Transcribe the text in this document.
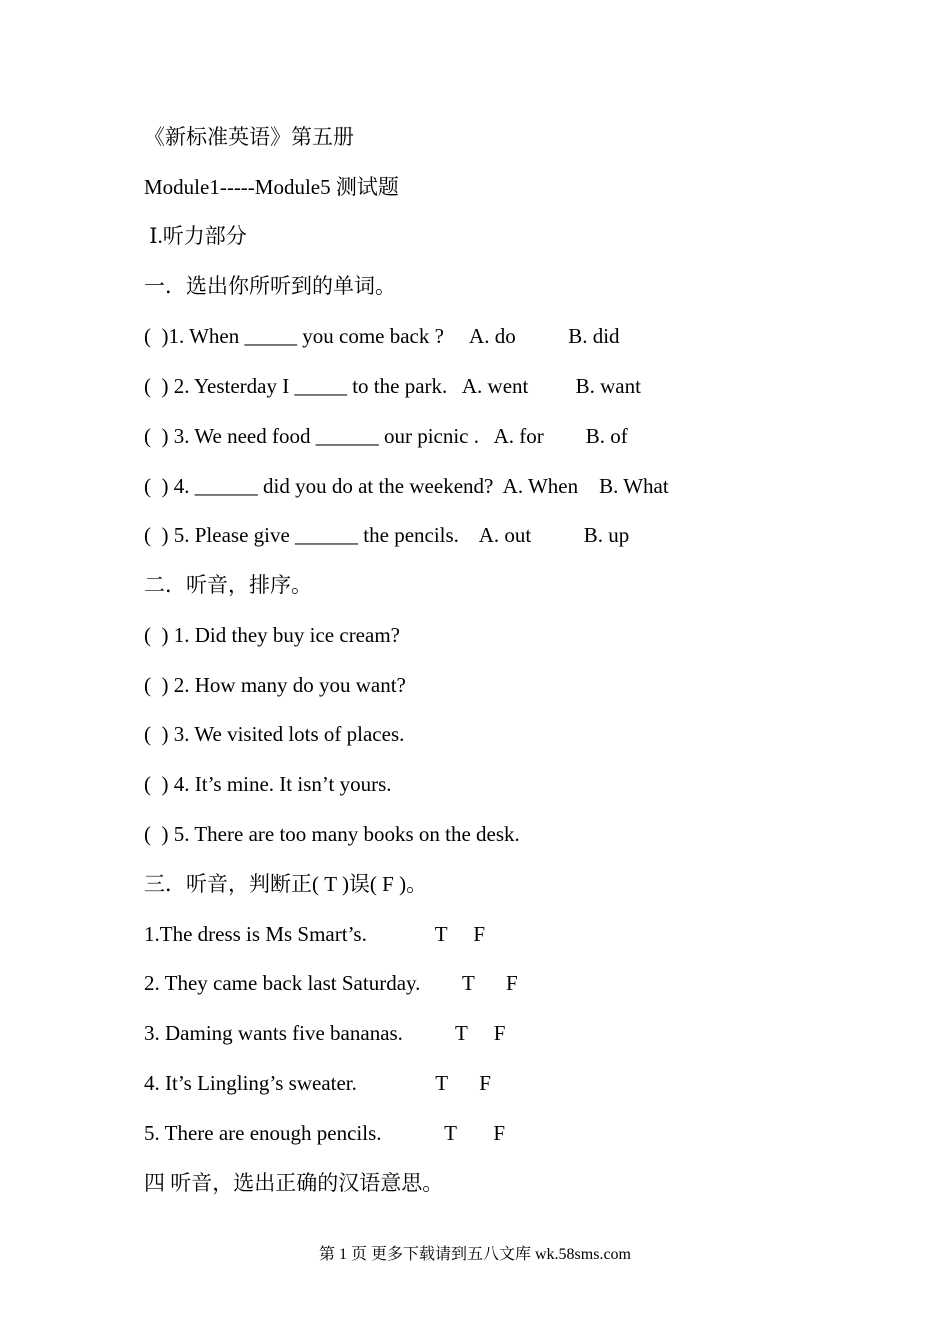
《新标准英语》第五册
Module1-----Module5 测试题
Ⅰ.听力部分
一．选出你所听到的单词。
(  )1. When _____ you come back ?     A. do          B. did
(  ) 2. Yesterday I _____ to the park.   A. went         B. want
(  ) 3. We need food ______ our picnic .   A. for        B. of
(  ) 4. ______ did you do at the weekend?  A. When    B. What
(  ) 5. Please give ______ the pencils.    A. out          B. up
二．听音，排序。
(  ) 1. Did they buy ice cream?
(  ) 2. How many do you want?
(  ) 3. We visited lots of places.
(  ) 4. It’s mine. It isn’t yours.
(  ) 5. There are too many books on the desk.
三．听音，判断正( T )误( F )。
1.The dress is Ms Smart’s.             T     F
2. They came back last Saturday.        T      F
3. Daming wants five bananas.          T     F
4. It’s Lingling’s sweater.               T      F
5. There are enough pencils.            T       F
四 听音，选出正确的汉语意思。
第 1 页 更多下载请到五八文库 wk.58sms.com
